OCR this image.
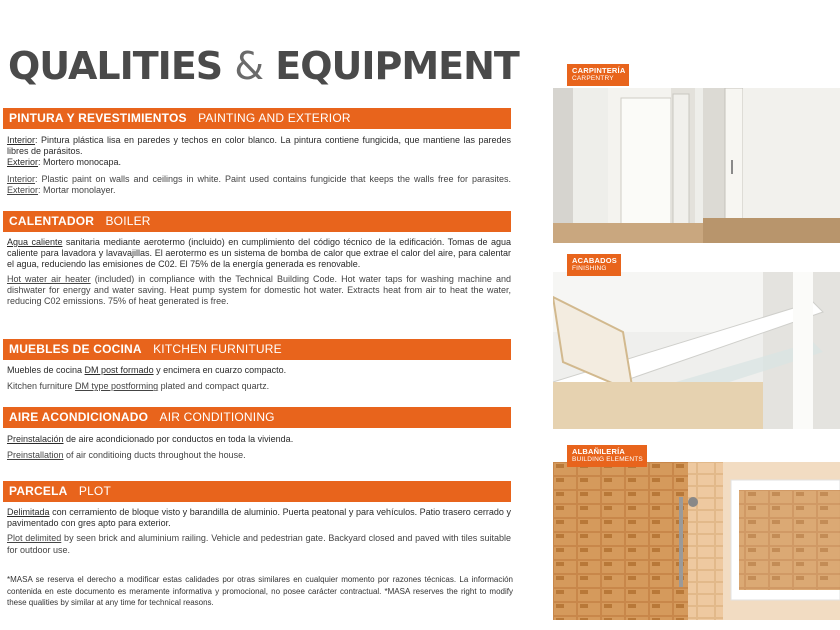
QUALITIES & EQUIPMENT
PINTURA Y REVESTIMIENTOS PAINTING AND EXTERIOR

Interior: Pintura plástica lisa en paredes y techos en color blanco. La pintura contiene fungicida, que mantiene las paredes libres de parásitos.
Exterior: Mortero monocapa.

Interior: Plastic paint on walls and ceilings in white. Paint used contains fungicide that keeps the walls free for parasites. Exterior: Mortar monolayer.

CALENTADOR BOILER

Agua caliente sanitaria mediante aerotermo (incluido) en cumplimiento del código técnico de la edificación. Tomas de agua caliente para lavadora y lavavajillas. El aerotermo es un sistema de bomba de calor que extrae el calor del aire, para calentar el agua, reduciendo las emisiones de C02. El 75% de la energía generada es renovable.

Hot water air heater (included) in compliance with the Technical Building Code. Hot water taps for washing machine and dishwater for energy and water saving. Heat pump system for domestic hot water. Extracts heat from air to heat the water, reducing C02 emissions. 75% of heat generated is free.

MUEBLES DE COCINA KITCHEN FURNITURE

Muebles de cocina DM post formado y encimera en cuarzo compacto.

Kitchen furniture DM type postforming plated and compact quartz.

AIRE ACONDICIONADO AIR CONDITIONING

Preinstalación de aire acondicionado por conductos en toda la vivienda.

Preinstallation of air conditioing ducts throughout the house.

PARCELA PLOT

Delimitada con cerramiento de bloque visto y barandilla de aluminio. Puerta peatonal y para vehículos. Patio trasero cerrado y pavimentado con gres apto para exterior.

Plot delimited by seen brick and aluminium railing. Vehicle and pedestrian gate. Backyard closed and paved with tiles suitable for outdoor use.

*MASA se reserva el derecho a modificar estas calidades por otras similares en cualquier momento por razones técnicas. La información contenida en este documento es meramente informativa y promocional, no posee carácter contractual. *MASA reserves the right to modify these qualities by similar at any time for technical reasons.
CARPINTERÍA
CARPENTRY
ACABADOS
FINISHING
ALBAÑILERÍA
BUILDING ELEMENTS
